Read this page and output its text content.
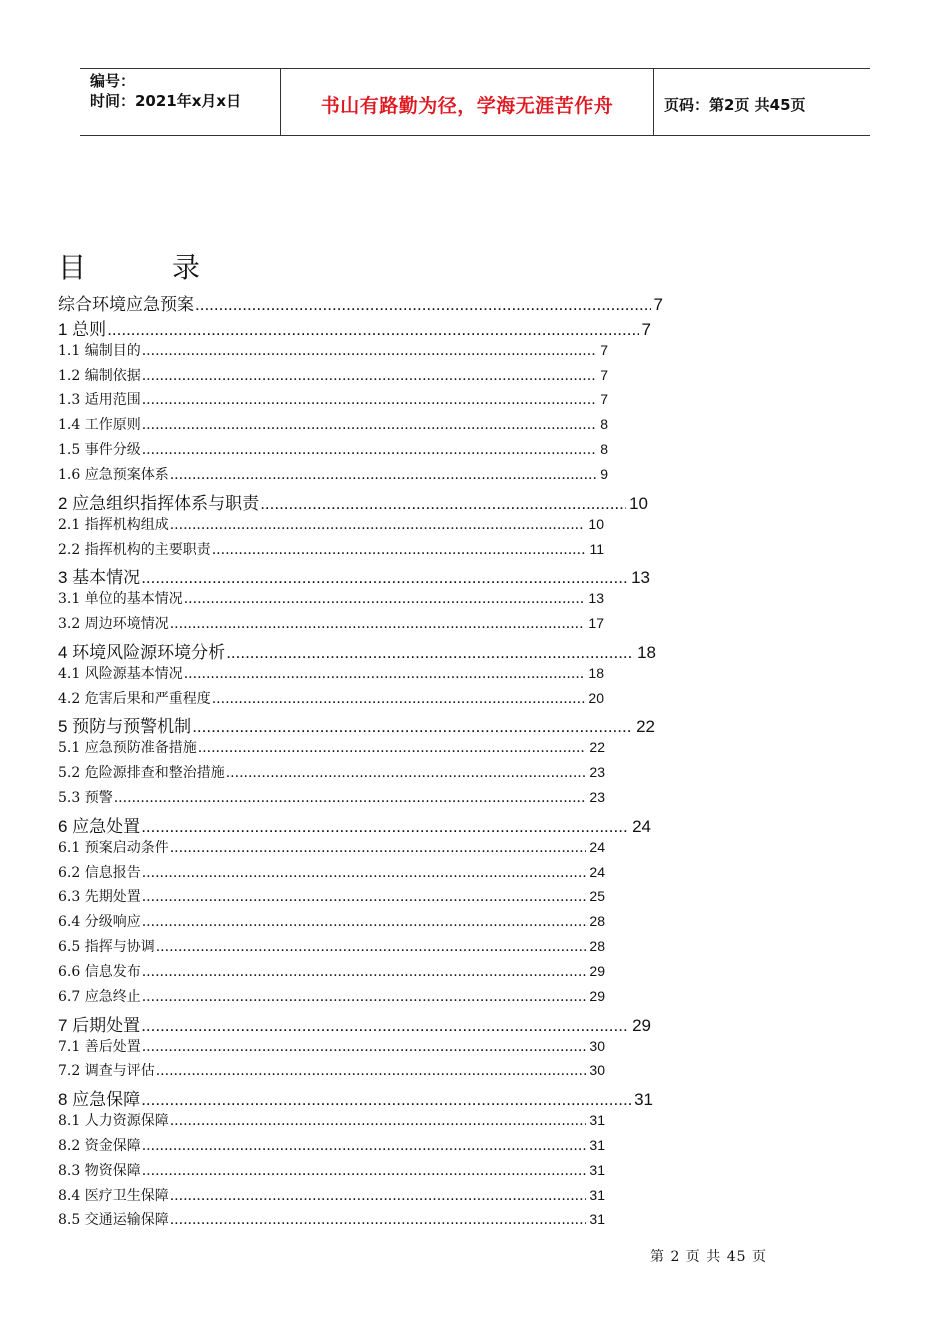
编号：
时间：2021年x月x日	书山有路勤为径，学海无涯苦作舟	页码：第2页 共45页
目	录
综合环境应急预案 .....	7
1 总则 .....	7
1.1 编制目的 .....	7
1.2 编制依据 .....	7
1.3 适用范围 .....	7
1.4 工作原则 .....	8
1.5 事件分级 .....	8
1.6 应急预案体系 .....	9
2 应急组织指挥体系与职责 .....	10
2.1 指挥机构组成 .....	10
2.2 指挥机构的主要职责 .....	11
3 基本情况 .....	13
3.1 单位的基本情况 .....	13
3.2 周边环境情况 .....	17
4 环境风险源环境分析 .....	18
4.1 风险源基本情况 .....	18
4.2 危害后果和严重程度 .....	20
5 预防与预警机制 .....	22
5.1 应急预防准备措施 .....	22
5.2 危险源排查和整治措施 .....	23
5.3 预警 .....	23
6 应急处置 .....	24
6.1 预案启动条件 .....	24
6.2 信息报告 .....	24
6.3 先期处置 .....	25
6.4 分级响应 .....	28
6.5 指挥与协调 .....	28
6.6 信息发布 .....	29
6.7 应急终止 .....	29
7 后期处置 .....	29
7.1 善后处置 .....	30
7.2 调查与评估 .....	30
8 应急保障 .....	31
8.1 人力资源保障 .....	31
8.2 资金保障 .....	31
8.3 物资保障 .....	31
8.4 医疗卫生保障 .....	31
8.5 交通运输保障 .....	31
第 2 页 共 45 页
